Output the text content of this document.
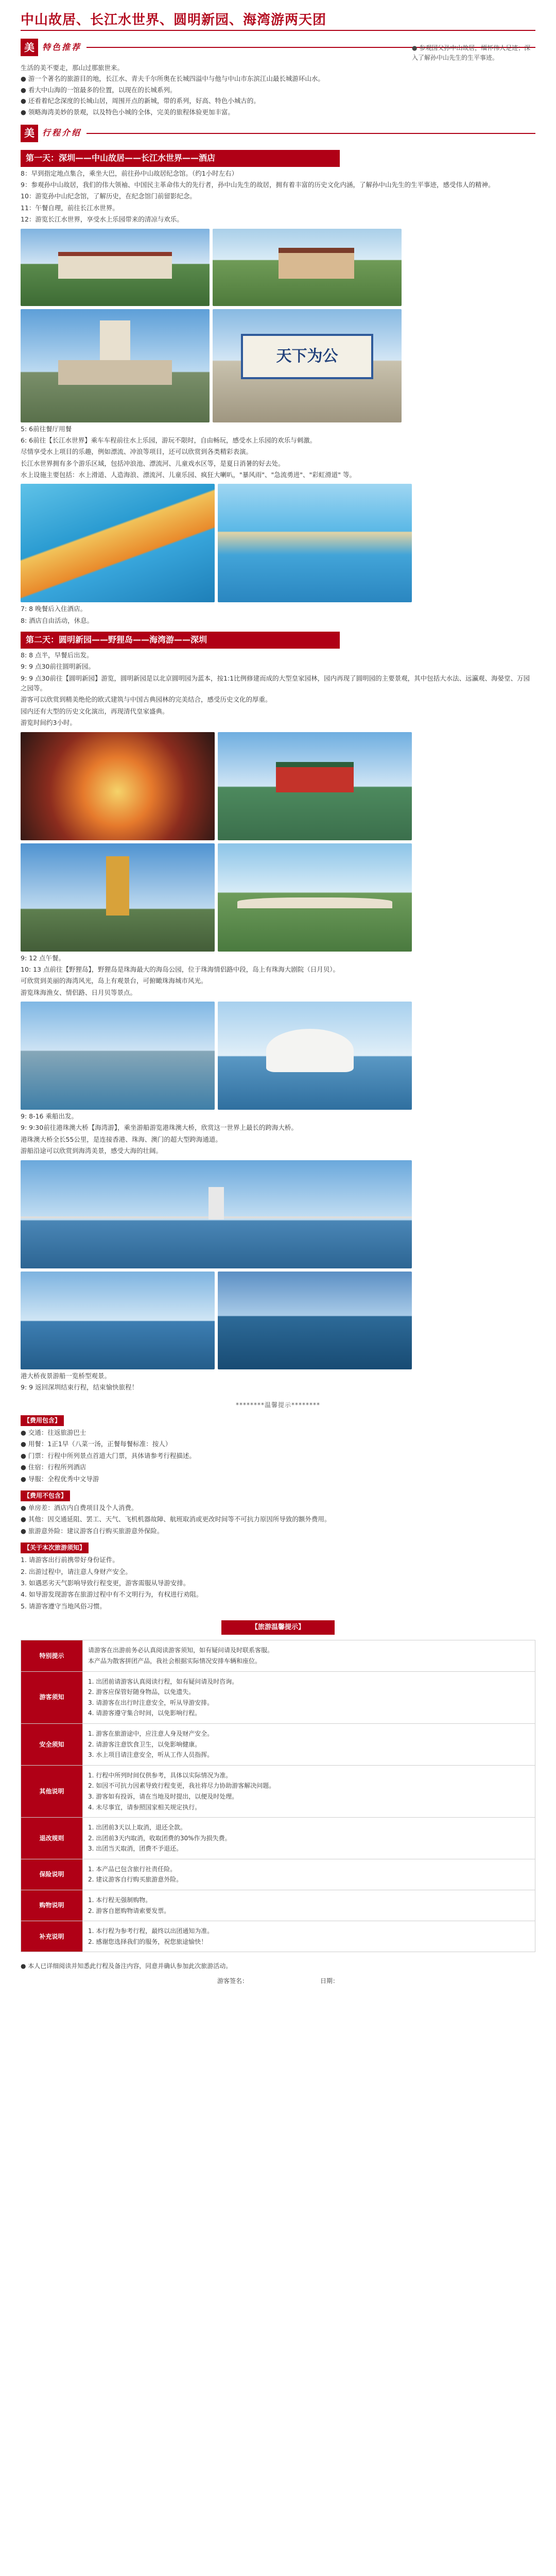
中山故居、长江水世界、圆明新园、海湾游两天团
美 特色推荐	● 参观国父孙中山故居，缅怀伟人足迹；深入了解孙中山先生的生平事迹。

生活的美不要走，那山过那旅世来。

● 游一个著名的旅游目的地，长江水、青夫千尔所奥在长城四溢中与他与中山市东滨江山最长城游环山水。

● 看大中山海的一馆最多的位置，以现在的长城系列。

● 还看着纪念深度的长城山居，周围开点的新城，带的系列，好高、特色小城古的。

● 领略海湾美妙的景观，以及特色小城的全体，完美的旅程体验更加丰富。

美 行程介绍
第一天：深圳——中山故居——长江水世界——酒店

8：早到指定地点集合，乘坐大巴，前往孙中山故居纪念馆。（约1小时左右）

9：参观孙中山故居，我们的伟大领袖、中国民主革命伟大的先行者，孙中山先生的故居，拥有着丰富的历史文化内涵，了解孙中山先生的生平事迹，感受伟人的精神。

10：游览孙中山纪念馆，了解历史，在纪念馆门前留影纪念。

11：午餐自理，前往长江水世界。

12：游览长江水世界，享受水上乐园带来的清凉与欢乐。

天下为公

5: 6前往餐厅用餐

6: 6前往【长江水世界】乘车车程前往水上乐园，游玩不限时，自由畅玩，感受水上乐园的欢乐与刺激。

尽情享受水上项目的乐趣，例如漂流、冲浪等项目，还可以欣赏到各类精彩表演。

长江水世界拥有多个游乐区域，包括冲浪池、漂流河、儿童戏水区等，是夏日消暑的好去处。

水上设施主要包括：水上滑道、人造海浪、漂流河、儿童乐园、疯狂大喇叭，"暴风雨"、"急流勇进"、"彩虹滑道" 等。

7: 8 晚餐后入住酒店。

8: 酒店自由活动，休息。

第二天：圆明新园——野狸岛——海湾游——深圳

8: 8 点半，早餐后出发。

9: 9 点30前往圆明新园。

9: 9 点30前往【圆明新园】游览，圆明新园是以北京圆明园为蓝本，按1:1比例修建而成的大型皇家园林，园内再现了圆明园的主要景观，其中包括大水法、远瀛观、海晏堂、万园之园等。

游客可以欣赏到精美绝伦的欧式建筑与中国古典园林的完美结合，感受历史文化的厚重。

园内还有大型的历史文化演出，再现清代皇家盛典。

游览时间约3小时。

9: 12 点午餐。

10: 13 点前往【野狸岛】，野狸岛是珠海最大的海岛公园，位于珠海情侣路中段，岛上有珠海大剧院（日月贝）。

可欣赏到美丽的海湾风光，岛上有观景台，可俯瞰珠海城市风光。

游览珠海渔女、情侣路、日月贝等景点。

9: 8-16 乘船出发。

9: 9:30前往港珠澳大桥【海湾游】，乘坐游船游览港珠澳大桥，欣赏这一世界上最长的跨海大桥。

港珠澳大桥全长55公里，是连接香港、珠海、澳门的超大型跨海通道。

游船沿途可以欣赏到海湾美景，感受大海的壮阔。

港大桥夜景游船一览桥型观景。

9: 9 返回深圳结束行程，结束愉快旅程！

********温馨提示********
【费用包含】

● 交通：往返旅游巴士

● 用餐：1正1早（八菜一汤，正餐每餐标准：按人）

● 门票：行程中所列景点首道大门票，具体请参考行程描述。

● 住宿：行程所列酒店

● 导服：全程优秀中文导游

【费用不包含】

● 单房差：酒店内自费项目及个人消费。

● 其他：因交通延阻、罢工、天气、飞机机器故障、航班取消或更改时间等不可抗力原因所导致的额外费用。

● 旅游意外险：建议游客自行购买旅游意外保险。

【关于本次旅游须知】

1. 请游客出行前携带好身份证件。

2. 出游过程中，请注意人身财产安全。

3. 如遇恶劣天气影响导致行程变更，游客需服从导游安排。

4. 如导游发现游客在旅游过程中有不文明行为，有权进行劝阻。

5. 请游客遵守当地风俗习惯。

【旅游温馨提示】
特别提示	请游客在出游前务必认真阅读游客须知，如有疑问请及时联系客服。

本产品为散客拼团产品，我社会根据实际情况安排车辆和座位。

游客须知	1. 出团前请游客认真阅读行程，如有疑问请及时咨询。

2. 游客应保管好随身物品，以免遗失。

3. 请游客在出行时注意安全，听从导游安排。

4. 请游客遵守集合时间，以免影响行程。

安全须知	1. 游客在旅游途中，应注意人身及财产安全。

2. 请游客注意饮食卫生，以免影响健康。

3. 水上项目请注意安全，听从工作人员指挥。

其他说明	1. 行程中所列时间仅供参考，具体以实际情况为准。

2. 如因不可抗力因素导致行程变更，我社将尽力协助游客解决问题。

3. 游客如有投诉，请在当地及时提出，以便及时处理。

4. 未尽事宜，请参照国家相关规定执行。

退改规则	1. 出团前3天以上取消，退还全款。

2. 出团前3天内取消，收取团费的30%作为损失费。

3. 出团当天取消，团费不予退还。

保险说明	1. 本产品已包含旅行社责任险。

2. 建议游客自行购买旅游意外险。

购物说明	1. 本行程无强制购物。

2. 游客自愿购物请索要发票。

补充说明	1. 本行程为参考行程，最终以出团通知为准。

2. 感谢您选择我们的服务，祝您旅途愉快！

● 本人已详细阅读并知悉此行程及备注内容，同意并确认参加此次旅游活动。

游客签名：	日期：
